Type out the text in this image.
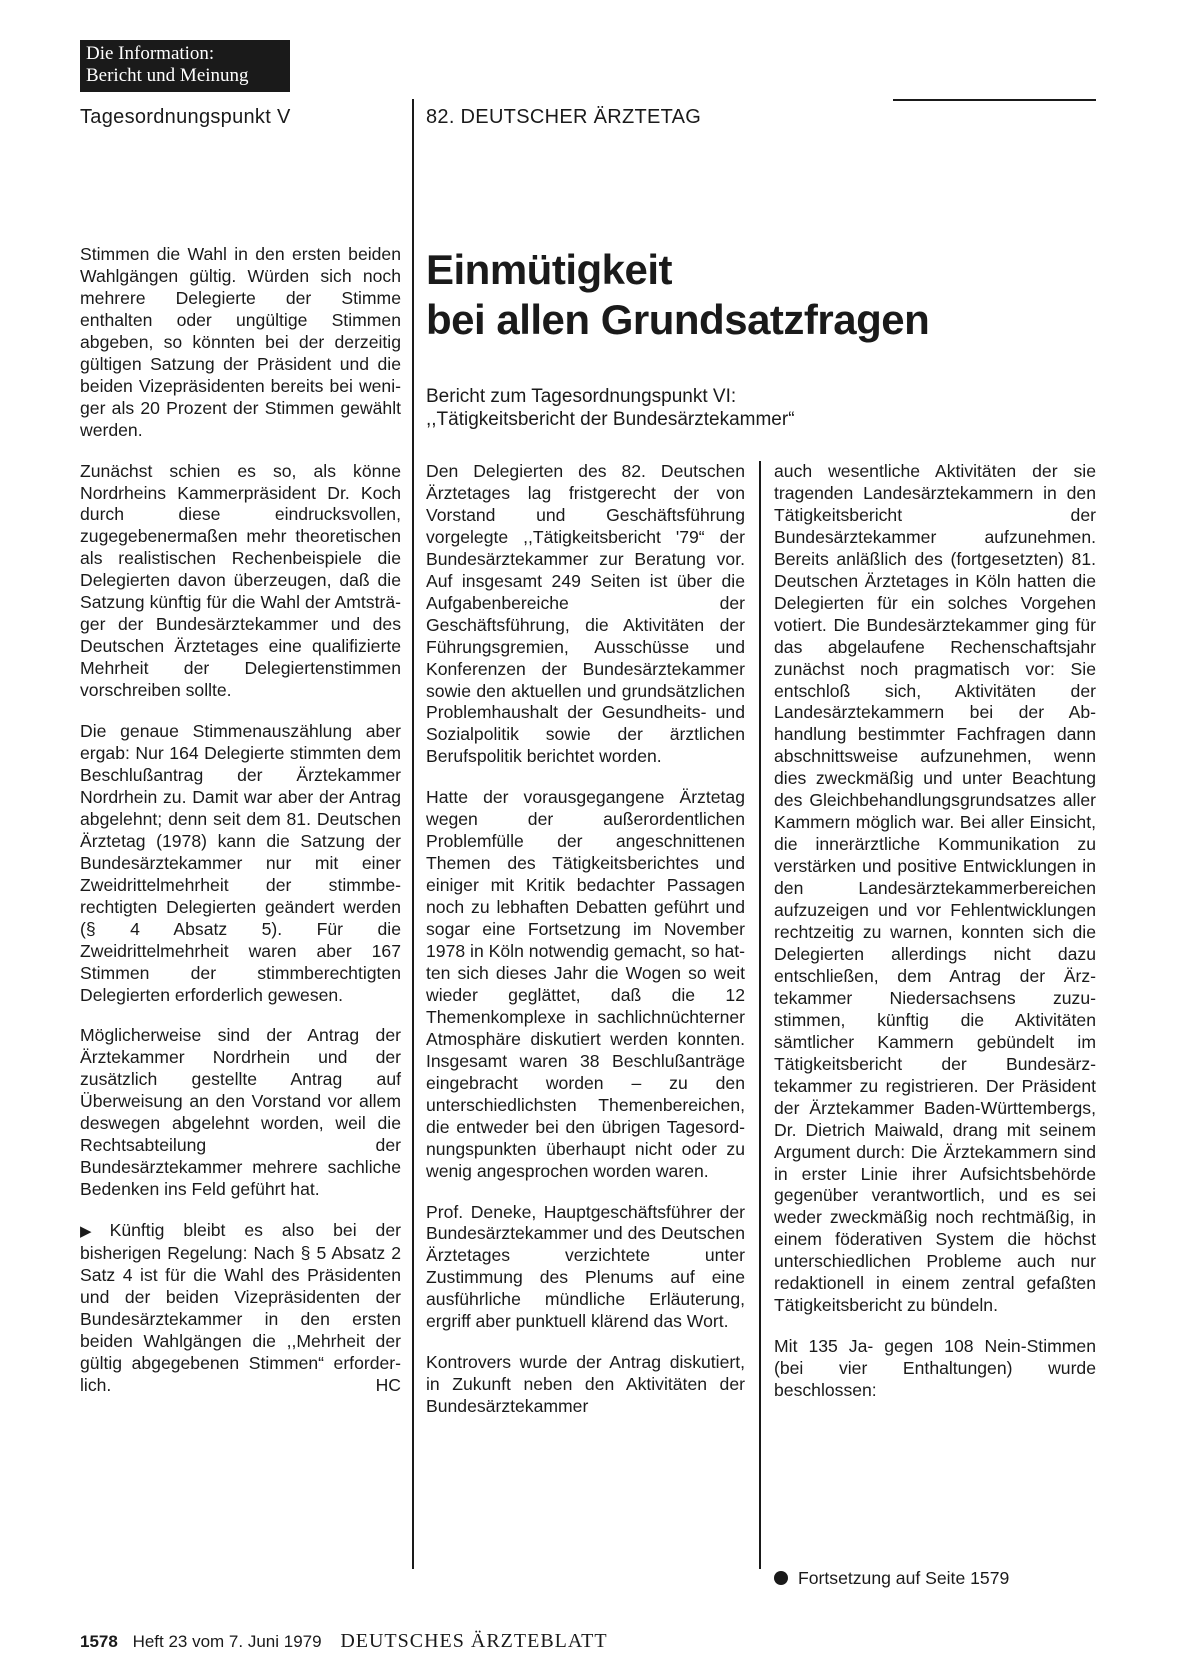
Die Information:
Bericht und Meinung
Tagesordnungspunkt V	82. DEUTSCHER ÄRZTETAG
Einmütigkeit
bei allen Grundsatzfragen
Bericht zum Tagesordnungspunkt VI:
,,Tätigkeitsbericht der Bundesärztekammer“

Stimmen die Wahl in den ersten beiden Wahlgängen gültig. Würden sich noch mehrere Delegierte der Stimme enthalten oder ungültige Stimmen abgeben, so könnten bei der derzeitig gültigen Satzung der Präsident und die beiden Vizepräsidenten bereits bei weniger als 20 Prozent der Stimmen gewählt werden.

Zunächst schien es so, als könne Nordrheins Kammerpräsident Dr. Koch durch diese eindrucksvollen, zugegebenermaßen mehr theoretischen als realistischen Rechenbeispiele die Delegierten davon überzeugen, daß die Satzung künftig für die Wahl der Amtsträger der Bundesärztekammer und des Deutschen Ärztetages eine qualifizierte Mehrheit der Delegiertenstimmen vorschreiben sollte.

Die genaue Stimmenauszählung aber ergab: Nur 164 Delegierte stimmten dem Beschlußantrag der Ärztekammer Nordrhein zu. Damit war aber der Antrag abgelehnt; denn seit dem 81. Deutschen Ärztetag (1978) kann die Satzung der Bundesärztekammer nur mit einer Zweidrittelmehrheit der stimmberechtigten Delegierten geändert werden (§ 4 Absatz 5). Für die Zweidrittelmehrheit waren aber 167 Stimmen der stimmberechtigten Delegierten erforderlich gewesen.

Möglicherweise sind der Antrag der Ärztekammer Nordrhein und der zusätzlich gestellte Antrag auf Überweisung an den Vorstand vor allem deswegen abgelehnt worden, weil die Rechtsabteilung der Bundesärztekammer mehrere sachliche Bedenken ins Feld geführt hat.

▶ Künftig bleibt es also bei der bisherigen Regelung: Nach § 5 Absatz 2 Satz 4 ist für die Wahl des Präsidenten und der beiden Vizepräsidenten der Bundesärztekammer in den ersten beiden Wahlgängen die ,,Mehrheit der gültig abgegebenen Stimmen“ erforderlich.	HC

Den Delegierten des 82. Deutschen Ärztetages lag fristgerecht der von Vorstand und Geschäftsführung vorgelegte ,,Tätigkeitsbericht '79“ der Bundesärztekammer zur Beratung vor. Auf insgesamt 249 Seiten ist über die Aufgabenbereiche der Geschäftsführung, die Aktivitäten der Führungsgremien, Ausschüsse und Konferenzen der Bundesärztekammer sowie den aktuellen und grundsätzlichen Problemhaushalt der Gesundheits- und Sozialpolitik sowie der ärztlichen Berufspolitik berichtet worden.

Hatte der vorausgegangene Ärztetag wegen der außerordentlichen Problemfülle der angeschnittenen Themen des Tätigkeitsberichtes und einiger mit Kritik bedachter Passagen noch zu lebhaften Debatten geführt und sogar eine Fortsetzung im November 1978 in Köln notwendig gemacht, so hatten sich dieses Jahr die Wogen so weit wieder geglättet, daß die 12 Themenkomplexe in sachlichnüchterner Atmosphäre diskutiert werden konnten. Insgesamt waren 38 Beschlußanträge eingebracht worden – zu den unterschiedlichsten Themenbereichen, die entweder bei den übrigen Tagesordnungspunkten überhaupt nicht oder zu wenig angesprochen worden waren.

Prof. Deneke, Hauptgeschäftsführer der Bundesärztekammer und des Deutschen Ärztetages verzichtete unter Zustimmung des Plenums auf eine ausführliche mündliche Erläuterung, ergriff aber punktuell klärend das Wort.

Kontrovers wurde der Antrag diskutiert, in Zukunft neben den Aktivitäten der Bundesärztekammer

auch wesentliche Aktivitäten der sie tragenden Landesärztekammern in den Tätigkeitsbericht der Bundesärztekammer aufzunehmen. Bereits anläßlich des (fortgesetzten) 81. Deutschen Ärztetages in Köln hatten die Delegierten für ein solches Vorgehen votiert. Die Bundesärztekammer ging für das abgelaufene Rechenschaftsjahr zunächst noch pragmatisch vor: Sie entschloß sich, Aktivitäten der Landesärztekammern bei der Abhandlung bestimmter Fachfragen dann abschnittsweise aufzunehmen, wenn dies zweckmäßig und unter Beachtung des Gleichbehandlungsgrundsatzes aller Kammern möglich war. Bei aller Einsicht, die innerärztliche Kommunikation zu verstärken und positive Entwicklungen in den Landesärztekammerbereichen aufzuzeigen und vor Fehlentwicklungen rechtzeitig zu warnen, konnten sich die Delegierten allerdings nicht dazu entschließen, dem Antrag der Ärztekammer Niedersachsens zuzustimmen, künftig die Aktivitäten sämtlicher Kammern gebündelt im Tätigkeitsbericht der Bundesärztekammer zu registrieren. Der Präsident der Ärztekammer Baden-Württembergs, Dr. Dietrich Maiwald, drang mit seinem Argument durch: Die Ärztekammern sind in erster Linie ihrer Aufsichtsbehörde gegenüber verantwortlich, und es sei weder zweckmäßig noch rechtmäßig, in einem föderativen System die höchst unterschiedlichen Probleme auch nur redaktionell in einem zentral gefaßten Tätigkeitsbericht zu bündeln.

Mit 135 Ja- gegen 108 Nein-Stimmen (bei vier Enthaltungen) wurde beschlossen:

Fortsetzung auf Seite 1579
1578 Heft 23 vom 7. Juni 1979 DEUTSCHES ÄRZTEBLATT
